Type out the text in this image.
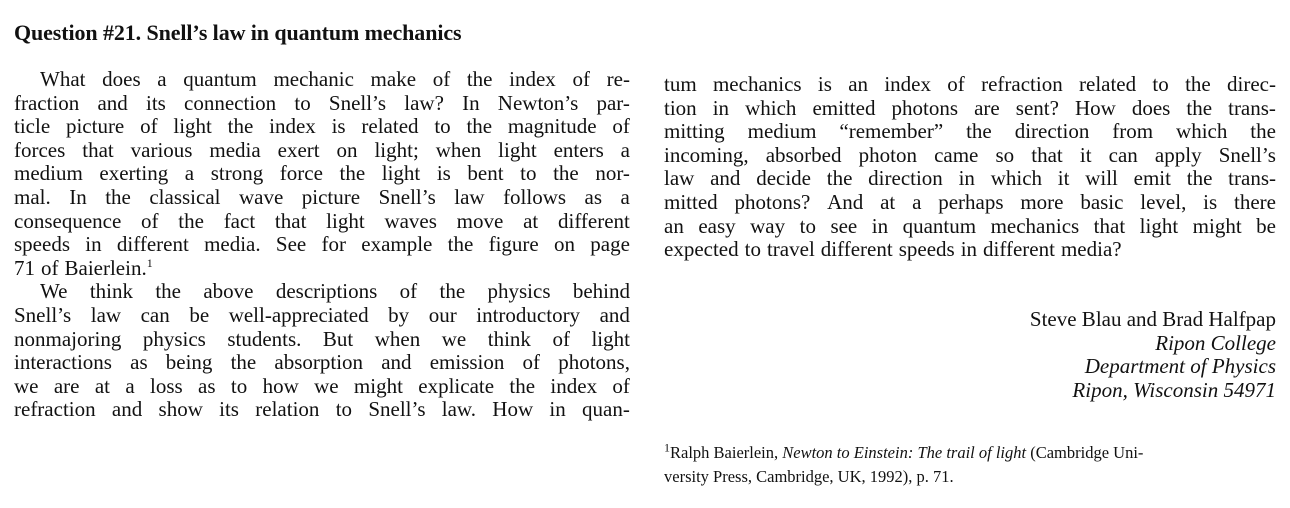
Question #21. Snell’s law in quantum mechanics
What does a quantum mechanic make of the index of re-
fraction and its connection to Snell’s law? In Newton’s par-
ticle picture of light the index is related to the magnitude of
forces that various media exert on light; when light enters a
medium exerting a strong force the light is bent to the nor-
mal. In the classical wave picture Snell’s law follows as a
consequence of the fact that light waves move at different
speeds in different media. See for example the figure on page
71 of Baierlein.$^1$
We think the above descriptions of the physics behind
Snell’s law can be well-appreciated by our introductory and
nonmajoring physics students. But when we think of light
interactions as being the absorption and emission of photons,
we are at a loss as to how we might explicate the index of
refraction and show its relation to Snell’s law. How in quan-
tum mechanics is an index of refraction related to the direc-
tion in which emitted photons are sent? How does the trans-
mitting medium “remember” the direction from which the
incoming, absorbed photon came so that it can apply Snell’s
law and decide the direction in which it will emit the trans-
mitted photons? And at a perhaps more basic level, is there
an easy way to see in quantum mechanics that light might be
expected to travel different speeds in different media?
Steve Blau and Brad Halfpap
Ripon College
Department of Physics
Ripon, Wisconsin 54971
$^1$Ralph Baierlein, Newton to Einstein: The trail of light (Cambridge Uni-
versity Press, Cambridge, UK, 1992), p. 71.
